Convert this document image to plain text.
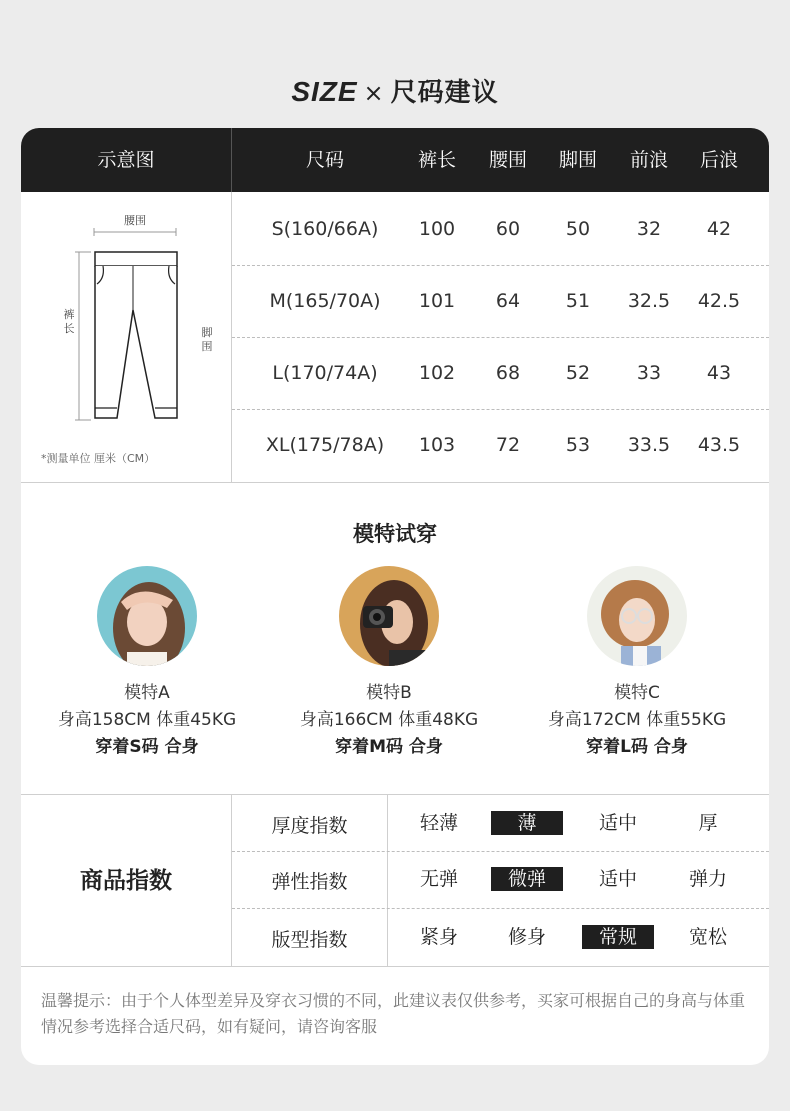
SIZE × 尺码建议
示意图	尺码	裤长	腰围	脚围	前浪	后浪
腰围
裤
长	脚
围
*测量单位 厘米（CM）
S(160/66A)	100	60	50	32	42
M(165/70A)	101	64	51	32.5	42.5
L(170/74A)	102	68	52	33	43
XL(175/78A)	103	72	53	33.5	43.5
模特试穿
模特A
身高158CM 体重45KG
穿着S码 合身
模特B
身高166CM 体重48KG
穿着M码 合身
模特C
身高172CM 体重55KG
穿着L码 合身
商品指数
厚度指数	轻薄	薄	适中	厚
弹性指数	无弹	微弹	适中	弹力
版型指数	紧身	修身	常规	宽松
温馨提示：由于个人体型差异及穿衣习惯的不同，此建议表仅供参考，买家可根据自己的身高与体重情况参考选择合适尺码，如有疑问，请咨询客服
